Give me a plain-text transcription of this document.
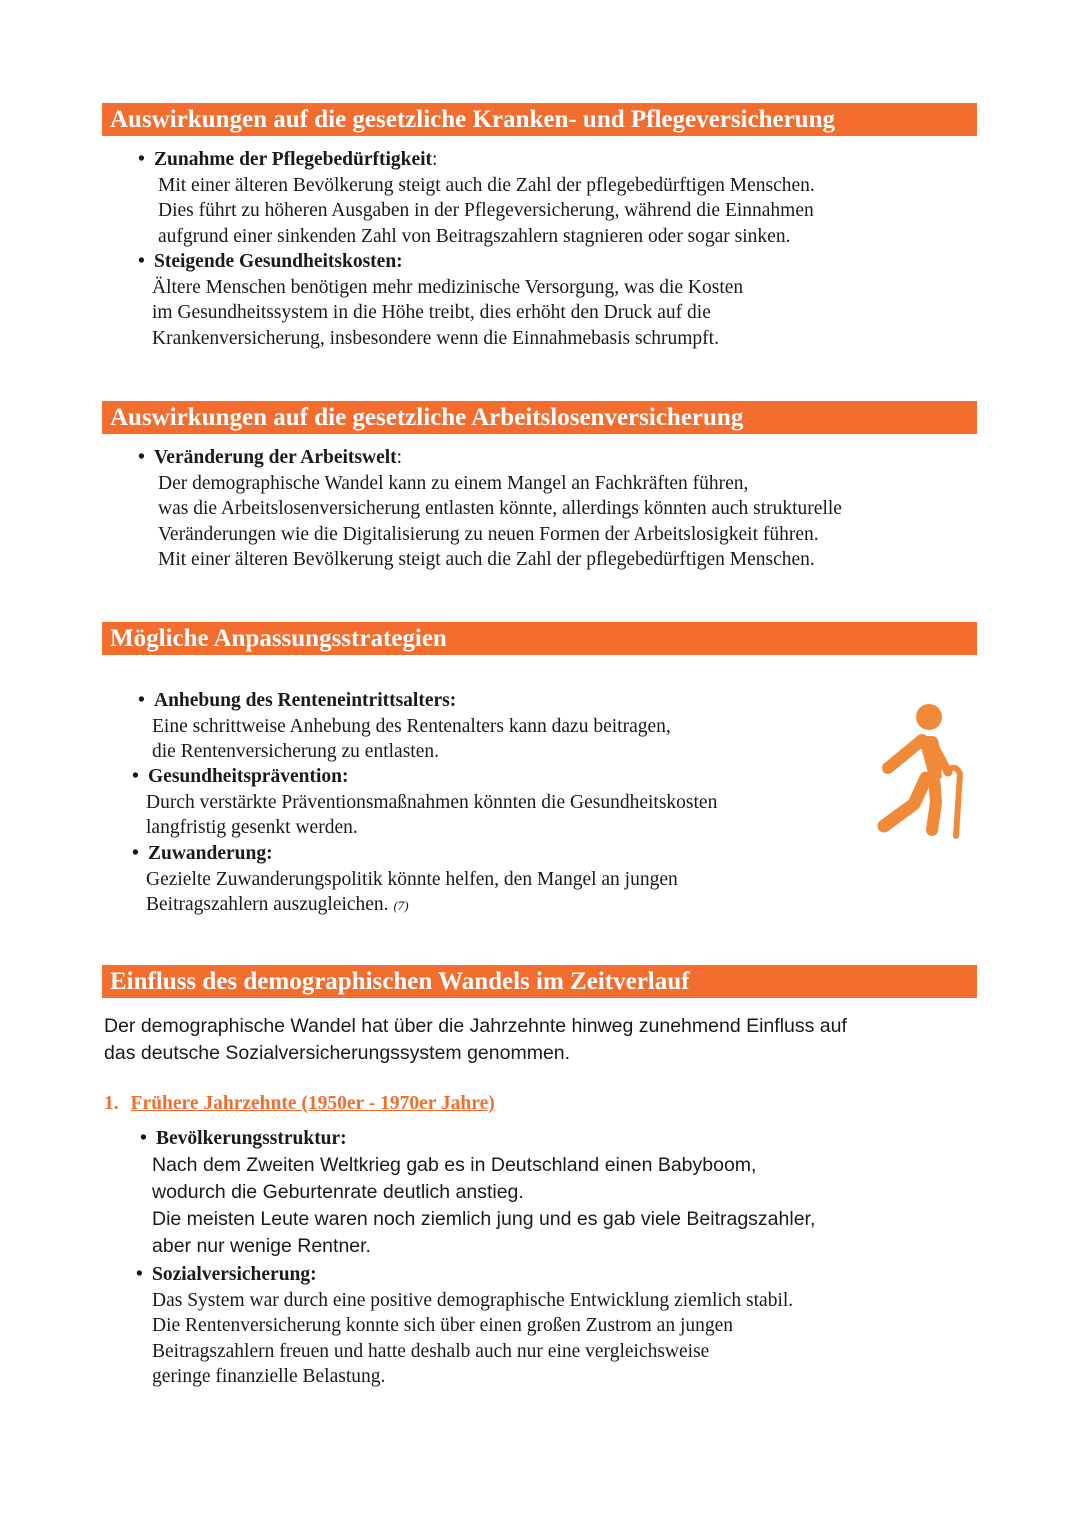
Auswirkungen auf die gesetzliche Kranken- und Pflegeversicherung
• Zunahme der Pflegebedürftigkeit:
Mit einer älteren Bevölkerung steigt auch die Zahl der pflegebedürftigen Menschen.
Dies führt zu höheren Ausgaben in der Pflegeversicherung, während die Einnahmen
aufgrund einer sinkenden Zahl von Beitragszahlern stagnieren oder sogar sinken.
• Steigende Gesundheitskosten:
Ältere Menschen benötigen mehr medizinische Versorgung, was die Kosten
im Gesundheitssystem in die Höhe treibt, dies erhöht den Druck auf die
Krankenversicherung, insbesondere wenn die Einnahmebasis schrumpft.
Auswirkungen auf die gesetzliche Arbeitslosenversicherung
• Veränderung der Arbeitswelt:
Der demographische Wandel kann zu einem Mangel an Fachkräften führen,
was die Arbeitslosenversicherung entlasten könnte, allerdings könnten auch strukturelle
Veränderungen wie die Digitalisierung zu neuen Formen der Arbeitslosigkeit führen.
Mit einer älteren Bevölkerung steigt auch die Zahl der pflegebedürftigen Menschen.
Mögliche Anpassungsstrategien
• Anhebung des Renteneintrittsalters:
Eine schrittweise Anhebung des Rentenalters kann dazu beitragen,
die Rentenversicherung zu entlasten.
• Gesundheitsprävention:
Durch verstärkte Präventionsmaßnahmen könnten die Gesundheitskosten
langfristig gesenkt werden.
• Zuwanderung:
Gezielte Zuwanderungspolitik könnte helfen, den Mangel an jungen
Beitragszahlern auszugleichen. (7)
Einfluss des demographischen Wandels im Zeitverlauf
Der demographische Wandel hat über die Jahrzehnte hinweg zunehmend Einfluss auf
das deutsche Sozialversicherungssystem genommen.
1. Frühere Jahrzehnte (1950er - 1970er Jahre)
• Bevölkerungsstruktur:
Nach dem Zweiten Weltkrieg gab es in Deutschland einen Babyboom,
wodurch die Geburtenrate deutlich anstieg.
Die meisten Leute waren noch ziemlich jung und es gab viele Beitragszahler,
aber nur wenige Rentner.
• Sozialversicherung:
Das System war durch eine positive demographische Entwicklung ziemlich stabil.
Die Rentenversicherung konnte sich über einen großen Zustrom an jungen
Beitragszahlern freuen und hatte deshalb auch nur eine vergleichsweise
geringe finanzielle Belastung.
